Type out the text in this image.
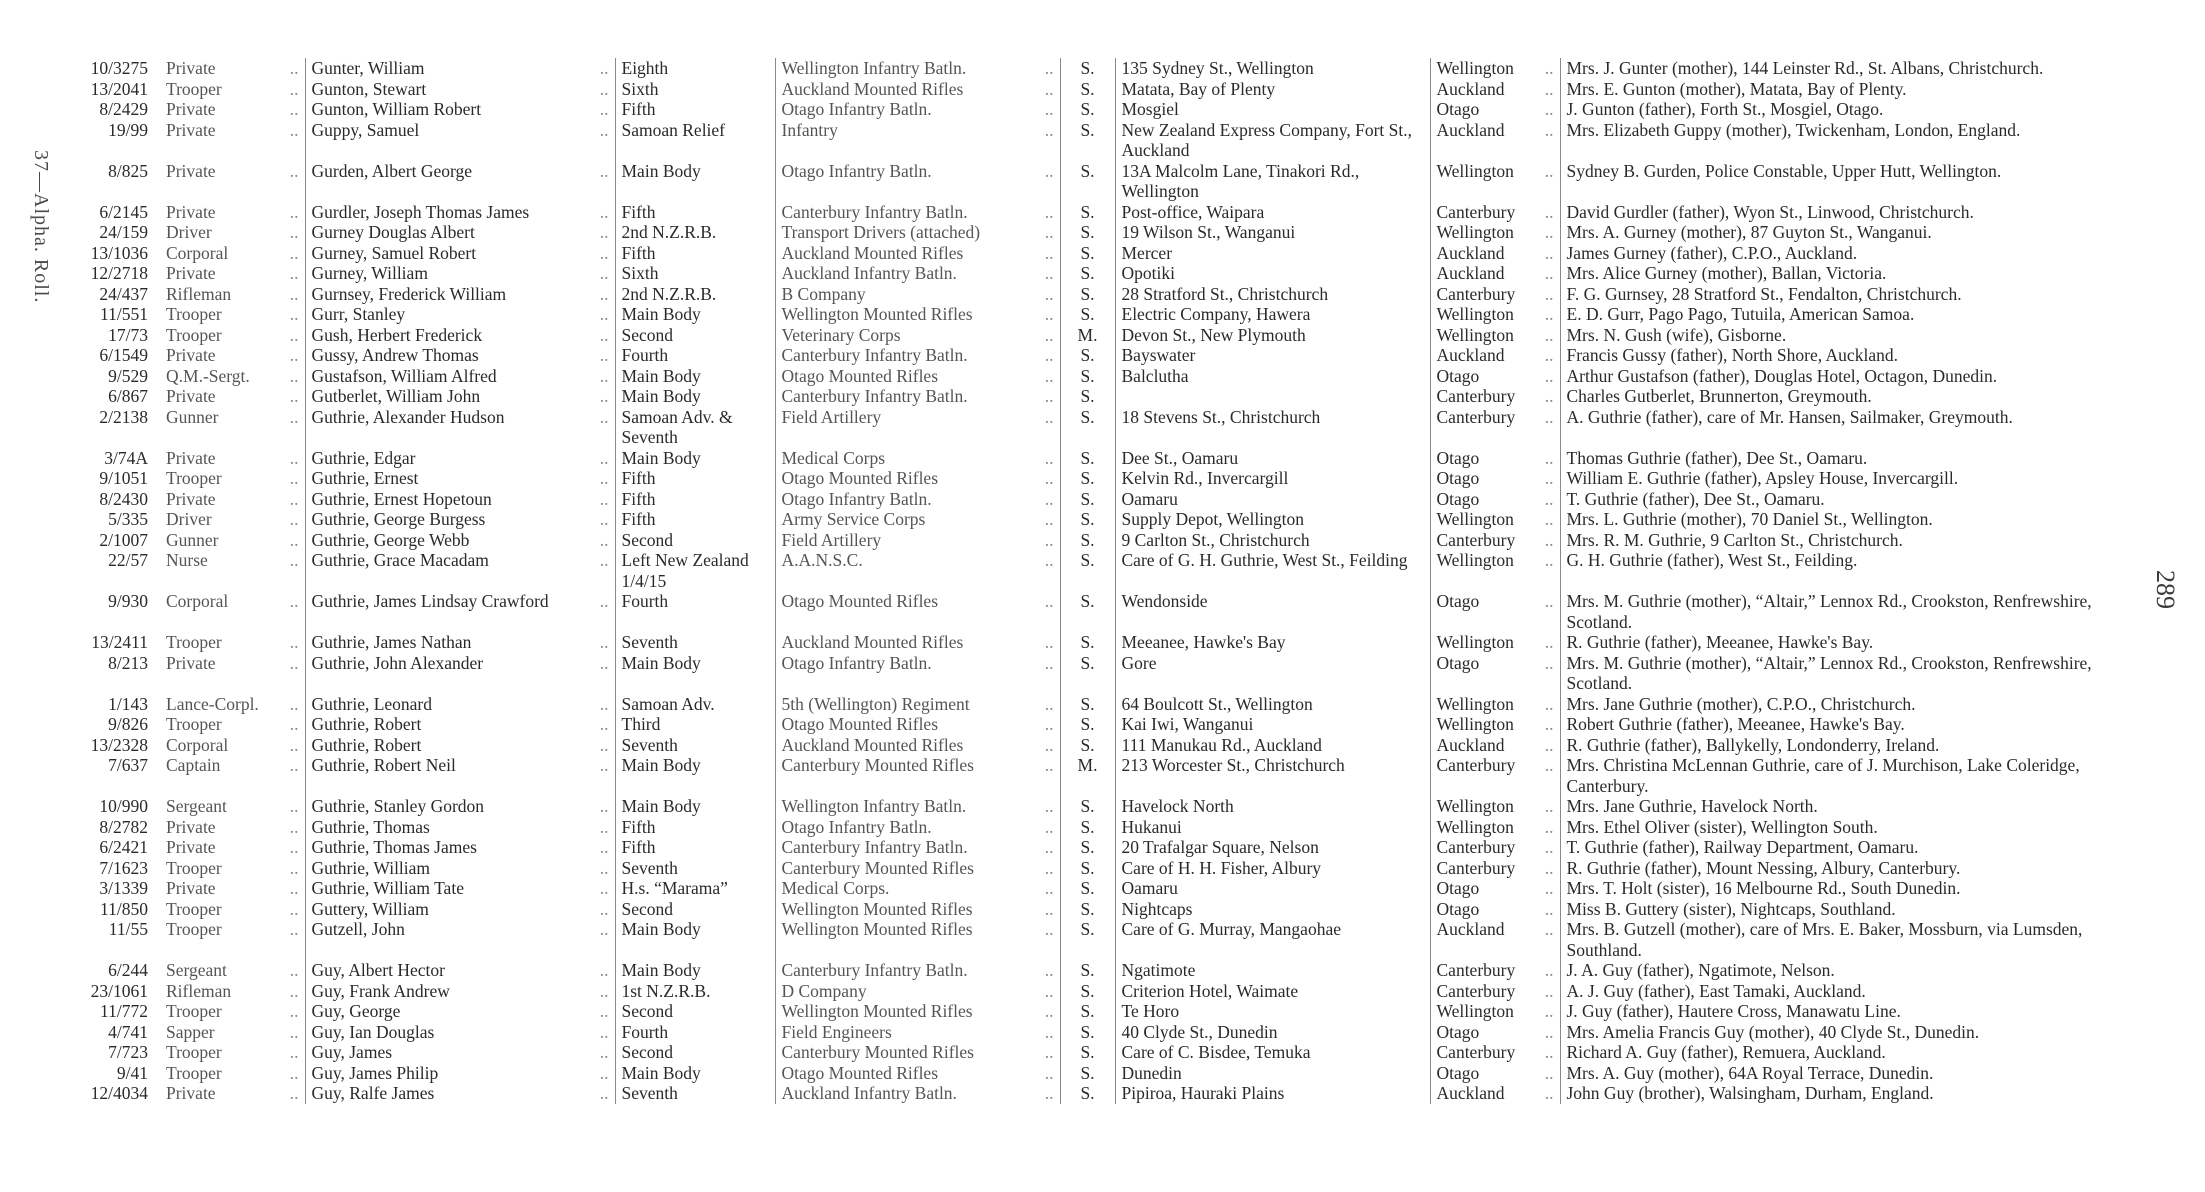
37—Alpha. Roll.
289
10/3275	Private ..	Gunter, William ..	Eighth	Wellington Infantry Batln. ..	S.	135 Sydney St., Wellington	Wellington ..	Mrs. J. Gunter (mother), 144 Leinster Rd., St. Albans, Christchurch.
13/2041	Trooper ..	Gunton, Stewart ..	Sixth	Auckland Mounted Rifles ..	S.	Matata, Bay of Plenty	Auckland ..	Mrs. E. Gunton (mother), Matata, Bay of Plenty.
8/2429	Private ..	Gunton, William Robert ..	Fifth	Otago Infantry Batln. ..	S.	Mosgiel	Otago ..	J. Gunton (father), Forth St., Mosgiel, Otago.
19/99	Private ..	Guppy, Samuel ..	Samoan Relief	Infantry ..	S.	New Zealand Express Company, Fort St., Auckland	Auckland ..	Mrs. Elizabeth Guppy (mother), Twickenham, London, England.
8/825	Private ..	Gurden, Albert George ..	Main Body	Otago Infantry Batln. ..	S.	13A Malcolm Lane, Tinakori Rd., Wellington	Wellington ..	Sydney B. Gurden, Police Constable, Upper Hutt, Wellington.
6/2145	Private ..	Gurdler, Joseph Thomas James ..	Fifth	Canterbury Infantry Batln. ..	S.	Post-office, Waipara	Canterbury ..	David Gurdler (father), Wyon St., Linwood, Christchurch.
24/159	Driver ..	Gurney Douglas Albert ..	2nd N.Z.R.B.	Transport Drivers (attached) ..	S.	19 Wilson St., Wanganui	Wellington ..	Mrs. A. Gurney (mother), 87 Guyton St., Wanganui.
13/1036	Corporal ..	Gurney, Samuel Robert ..	Fifth	Auckland Mounted Rifles ..	S.	Mercer	Auckland ..	James Gurney (father), C.P.O., Auckland.
12/2718	Private ..	Gurney, William ..	Sixth	Auckland Infantry Batln. ..	S.	Opotiki	Auckland ..	Mrs. Alice Gurney (mother), Ballan, Victoria.
24/437	Rifleman ..	Gurnsey, Frederick William ..	2nd N.Z.R.B.	B Company ..	S.	28 Stratford St., Christchurch	Canterbury ..	F. G. Gurnsey, 28 Stratford St., Fendalton, Christchurch.
11/551	Trooper ..	Gurr, Stanley ..	Main Body	Wellington Mounted Rifles ..	S.	Electric Company, Hawera	Wellington ..	E. D. Gurr, Pago Pago, Tutuila, American Samoa.
17/73	Trooper ..	Gush, Herbert Frederick ..	Second	Veterinary Corps ..	M.	Devon St., New Plymouth	Wellington ..	Mrs. N. Gush (wife), Gisborne.
6/1549	Private ..	Gussy, Andrew Thomas ..	Fourth	Canterbury Infantry Batln. ..	S.	Bayswater	Auckland ..	Francis Gussy (father), North Shore, Auckland.
9/529	Q.M.-Sergt. ..	Gustafson, William Alfred ..	Main Body	Otago Mounted Rifles ..	S.	Balclutha	Otago ..	Arthur Gustafson (father), Douglas Hotel, Octagon, Dunedin.
6/867	Private ..	Gutberlet, William John ..	Main Body	Canterbury Infantry Batln. ..	S.		Canterbury ..	Charles Gutberlet, Brunnerton, Greymouth.
2/2138	Gunner ..	Guthrie, Alexander Hudson ..	Samoan Adv. & Seventh	Field Artillery ..	S.	18 Stevens St., Christchurch	Canterbury ..	A. Guthrie (father), care of Mr. Hansen, Sailmaker, Greymouth.
3/74A	Private ..	Guthrie, Edgar ..	Main Body	Medical Corps ..	S.	Dee St., Oamaru	Otago ..	Thomas Guthrie (father), Dee St., Oamaru.
9/1051	Trooper ..	Guthrie, Ernest ..	Fifth	Otago Mounted Rifles ..	S.	Kelvin Rd., Invercargill	Otago ..	William E. Guthrie (father), Apsley House, Invercargill.
8/2430	Private ..	Guthrie, Ernest Hopetoun ..	Fifth	Otago Infantry Batln. ..	S.	Oamaru	Otago ..	T. Guthrie (father), Dee St., Oamaru.
5/335	Driver ..	Guthrie, George Burgess ..	Fifth	Army Service Corps ..	S.	Supply Depot, Wellington	Wellington ..	Mrs. L. Guthrie (mother), 70 Daniel St., Wellington.
2/1007	Gunner ..	Guthrie, George Webb ..	Second	Field Artillery ..	S.	9 Carlton St., Christchurch	Canterbury ..	Mrs. R. M. Guthrie, 9 Carlton St., Christchurch.
22/57	Nurse ..	Guthrie, Grace Macadam ..	Left New Zealand 1/4/15	A.A.N.S.C. ..	S.	Care of G. H. Guthrie, West St., Feilding	Wellington ..	G. H. Guthrie (father), West St., Feilding.
9/930	Corporal ..	Guthrie, James Lindsay Crawford ..	Fourth	Otago Mounted Rifles ..	S.	Wendonside	Otago ..	Mrs. M. Guthrie (mother), “Altair,” Lennox Rd., Crookston, Renfrewshire, Scotland.
13/2411	Trooper ..	Guthrie, James Nathan ..	Seventh	Auckland Mounted Rifles ..	S.	Meeanee, Hawke's Bay	Wellington ..	R. Guthrie (father), Meeanee, Hawke's Bay.
8/213	Private ..	Guthrie, John Alexander ..	Main Body	Otago Infantry Batln. ..	S.	Gore	Otago ..	Mrs. M. Guthrie (mother), “Altair,” Lennox Rd., Crookston, Renfrewshire, Scotland.
1/143	Lance-Corpl. ..	Guthrie, Leonard ..	Samoan Adv.	5th (Wellington) Regiment ..	S.	64 Boulcott St., Wellington	Wellington ..	Mrs. Jane Guthrie (mother), C.P.O., Christchurch.
9/826	Trooper ..	Guthrie, Robert ..	Third	Otago Mounted Rifles ..	S.	Kai Iwi, Wanganui	Wellington ..	Robert Guthrie (father), Meeanee, Hawke's Bay.
13/2328	Corporal ..	Guthrie, Robert ..	Seventh	Auckland Mounted Rifles ..	S.	111 Manukau Rd., Auckland	Auckland ..	R. Guthrie (father), Ballykelly, Londonderry, Ireland.
7/637	Captain ..	Guthrie, Robert Neil ..	Main Body	Canterbury Mounted Rifles ..	M.	213 Worcester St., Christchurch	Canterbury ..	Mrs. Christina McLennan Guthrie, care of J. Murchison, Lake Coleridge, Canterbury.
10/990	Sergeant ..	Guthrie, Stanley Gordon ..	Main Body	Wellington Infantry Batln. ..	S.	Havelock North	Wellington ..	Mrs. Jane Guthrie, Havelock North.
8/2782	Private ..	Guthrie, Thomas ..	Fifth	Otago Infantry Batln. ..	S.	Hukanui	Wellington ..	Mrs. Ethel Oliver (sister), Wellington South.
6/2421	Private ..	Guthrie, Thomas James ..	Fifth	Canterbury Infantry Batln. ..	S.	20 Trafalgar Square, Nelson	Canterbury ..	T. Guthrie (father), Railway Department, Oamaru.
7/1623	Trooper ..	Guthrie, William ..	Seventh	Canterbury Mounted Rifles ..	S.	Care of H. H. Fisher, Albury	Canterbury ..	R. Guthrie (father), Mount Nessing, Albury, Canterbury.
3/1339	Private ..	Guthrie, William Tate ..	H.s. “Marama”	Medical Corps. ..	S.	Oamaru	Otago ..	Mrs. T. Holt (sister), 16 Melbourne Rd., South Dunedin.
11/850	Trooper ..	Guttery, William ..	Second	Wellington Mounted Rifles ..	S.	Nightcaps	Otago ..	Miss B. Guttery (sister), Nightcaps, Southland.
11/55	Trooper ..	Gutzell, John ..	Main Body	Wellington Mounted Rifles ..	S.	Care of G. Murray, Mangaohae	Auckland ..	Mrs. B. Gutzell (mother), care of Mrs. E. Baker, Mossburn, via Lumsden, Southland.
6/244	Sergeant ..	Guy, Albert Hector ..	Main Body	Canterbury Infantry Batln. ..	S.	Ngatimote	Canterbury ..	J. A. Guy (father), Ngatimote, Nelson.
23/1061	Rifleman ..	Guy, Frank Andrew ..	1st N.Z.R.B.	D Company ..	S.	Criterion Hotel, Waimate	Canterbury ..	A. J. Guy (father), East Tamaki, Auckland.
11/772	Trooper ..	Guy, George ..	Second	Wellington Mounted Rifles ..	S.	Te Horo	Wellington ..	J. Guy (father), Hautere Cross, Manawatu Line.
4/741	Sapper ..	Guy, Ian Douglas ..	Fourth	Field Engineers ..	S.	40 Clyde St., Dunedin	Otago ..	Mrs. Amelia Francis Guy (mother), 40 Clyde St., Dunedin.
7/723	Trooper ..	Guy, James ..	Second	Canterbury Mounted Rifles ..	S.	Care of C. Bisdee, Temuka	Canterbury ..	Richard A. Guy (father), Remuera, Auckland.
9/41	Trooper ..	Guy, James Philip ..	Main Body	Otago Mounted Rifles ..	S.	Dunedin	Otago ..	Mrs. A. Guy (mother), 64A Royal Terrace, Dunedin.
12/4034	Private ..	Guy, Ralfe James ..	Seventh	Auckland Infantry Batln. ..	S.	Pipiroa, Hauraki Plains	Auckland ..	John Guy (brother), Walsingham, Durham, England.
